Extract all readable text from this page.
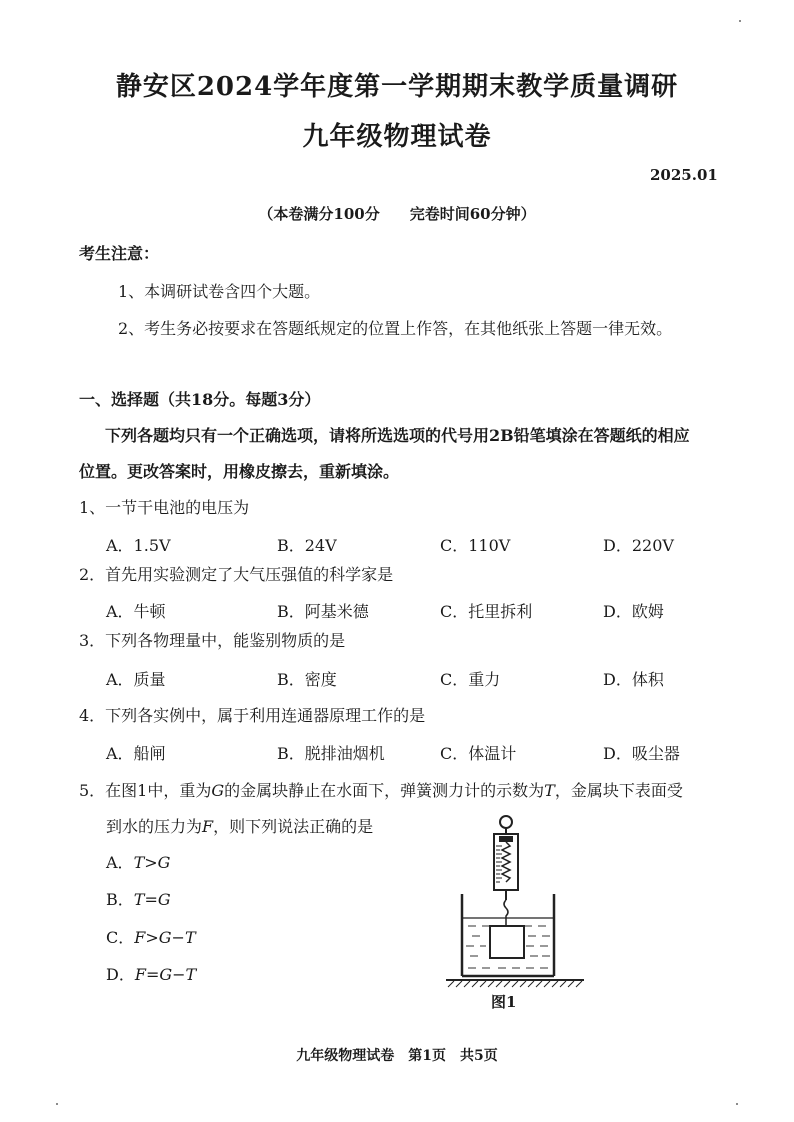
静安区2024学年度第一学期期末教学质量调研
九年级物理试卷
2025.01
（本卷满分100分　　完卷时间60分钟）
考生注意：
1、本调研试卷含四个大题。
2、考生务必按要求在答题纸规定的位置上作答，在其他纸张上答题一律无效。
一、选择题（共18分。每题3分）
下列各题均只有一个正确选项，请将所选选项的代号用2B铅笔填涂在答题纸的相应
位置。更改答案时，用橡皮擦去，重新填涂。
1、一节干电池的电压为
A．1.5V	B．24V	C．110V	D．220V
2．首先用实验测定了大气压强值的科学家是
A．牛顿	B．阿基米德	C．托里拆利	D．欧姆
3．下列各物理量中，能鉴别物质的是
A．质量	B．密度	C．重力	D．体积
4．下列各实例中，属于利用连通器原理工作的是
A．船闸	B．脱排油烟机	C．体温计	D．吸尘器
5．在图1中，重为G的金属块静止在水面下，弹簧测力计的示数为T，金属块下表面受
到水的压力为F，则下列说法正确的是
A．T>G
B．T=G
C．F>G−T
D．F=G−T
图1
九年级物理试卷　第1页　共5页
